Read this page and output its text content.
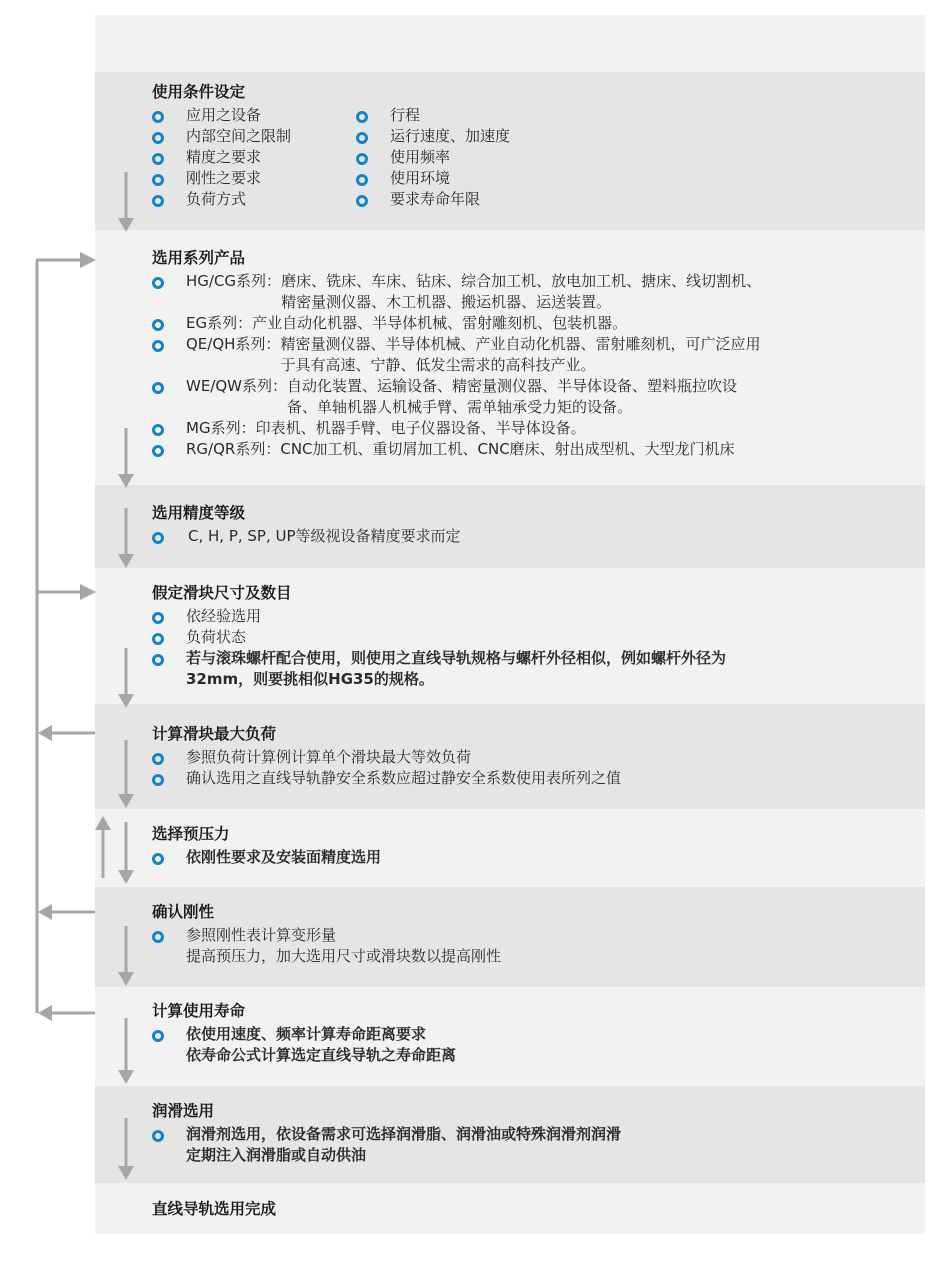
使用条件设定
应用之设备
内部空间之限制
精度之要求
刚性之要求
负荷方式
行程
运行速度、加速度
使用频率
使用环境
要求寿命年限
选用系列产品
HG/CG系列： 磨床、铣床、车床、钻床、综合加工机、放电加工机、搪床、线切割机、
精密量测仪器、木工机器、搬运机器、运送装置。
EG系列： 产业自动化机器、半导体机械、雷射雕刻机、包装机器。
QE/QH系列： 精密量测仪器、半导体机械、产业自动化机器、雷射雕刻机，可广泛应用
于具有高速、宁静、低发尘需求的高科技产业。
WE/QW系列： 自动化装置、运输设备、精密量测仪器、半导体设备、塑料瓶拉吹设
备、单轴机器人机械手臂、需单轴承受力矩的设备。
MG系列： 印表机、机器手臂、电子仪器设备、半导体设备。
RG/QR系列： CNC加工机、重切屑加工机、CNC磨床、射出成型机、大型龙门机床
选用精度等级
C, H, P, SP, UP等级视设备精度要求而定
假定滑块尺寸及数目
依经验选用
负荷状态
若与滚珠螺杆配合使用，则使用之直线导轨规格与螺杆外径相似，例如螺杆外径为
32mm，则要挑相似HG35的规格。
计算滑块最大负荷
参照负荷计算例计算单个滑块最大等效负荷
确认选用之直线导轨静安全系数应超过静安全系数使用表所列之值
选择预压力
依刚性要求及安装面精度选用
确认刚性
参照刚性表计算变形量
提高预压力，加大选用尺寸或滑块数以提高刚性
计算使用寿命
依使用速度、频率计算寿命距离要求
依寿命公式计算选定直线导轨之寿命距离
润滑选用
润滑剂选用，依设备需求可选择润滑脂、润滑油或特殊润滑剂润滑
定期注入润滑脂或自动供油
直线导轨选用完成
